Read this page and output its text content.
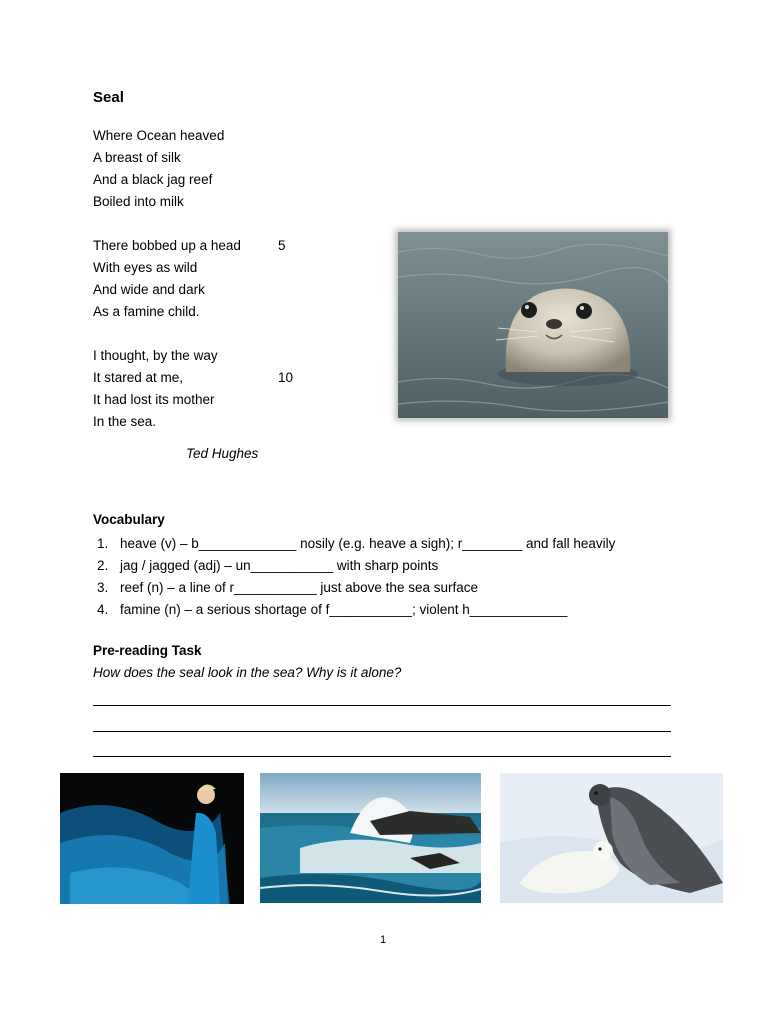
Seal
Where Ocean heaved
A breast of silk
And a black jag reef
Boiled into milk
There bobbed up a head	5
With eyes as wild
And wide and dark
As a famine child.
I thought, by the way
It stared at me,	10
It had lost its mother
In the sea.
Ted Hughes
Vocabulary
1. heave (v) – b_____________ nosily (e.g. heave a sigh); r________ and fall heavily
2. jag / jagged (adj) – un___________ with sharp points
3. reef (n) – a line of r___________ just above the sea surface
4. famine (n) – a serious shortage of f___________; violent h_____________
Pre-reading Task
How does the seal look in the sea? Why is it alone?
1
